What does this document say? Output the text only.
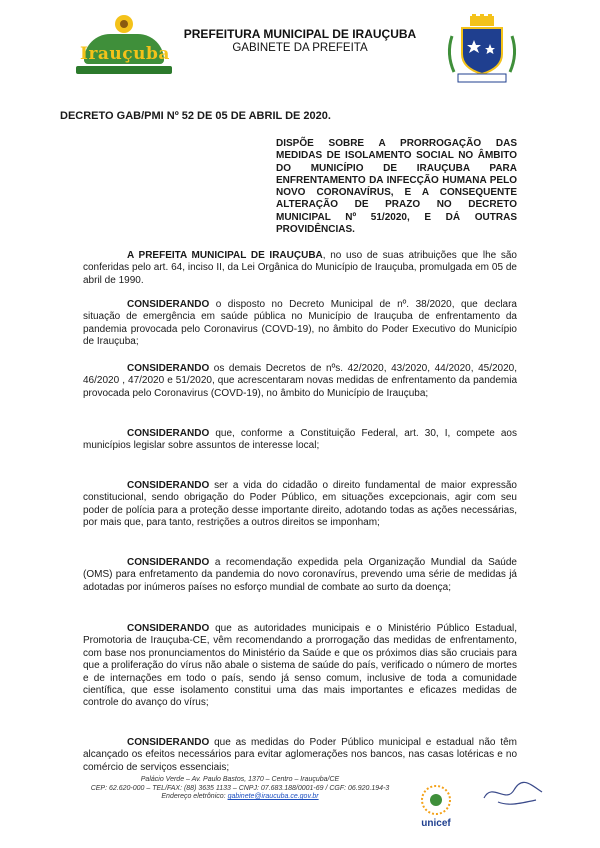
Irauçuba
PREFEITURA MUNICIPAL DE IRAUÇUBA
GABINETE DA PREFEITA
DECRETO GAB/PMI Nº 52 DE 05 DE ABRIL DE 2020.
DISPÕE SOBRE A PRORROGAÇÃO DAS MEDIDAS DE ISOLAMENTO SOCIAL NO ÂMBITO DO MUNICÍPIO DE IRAUÇUBA PARA ENFRENTAMENTO DA INFECÇÃO HUMANA PELO NOVO CORONAVÍRUS, E A CONSEQUENTE ALTERAÇÃO DE PRAZO NO DECRETO MUNICIPAL Nº 51/2020, E DÁ OUTRAS PROVIDÊNCIAS.
A PREFEITA MUNICIPAL DE IRAUÇUBA, no uso de suas atribuições que lhe são conferidas pelo art. 64, inciso II, da Lei Orgânica do Município de Irauçuba, promulgada em 05 de abril de 1990.
CONSIDERANDO o disposto no Decreto Municipal de nº. 38/2020, que declara situação de emergência em saúde pública no Município de Irauçuba de enfrentamento da pandemia provocada pelo Coronavirus (COVD-19), no âmbito do Poder Executivo do Município de Irauçuba;
CONSIDERANDO os demais Decretos de nºs. 42/2020, 43/2020, 44/2020, 45/2020, 46/2020 , 47/2020 e 51/2020, que acrescentaram novas medidas de enfrentamento da pandemia provocada pelo Coronavirus (COVD-19), no âmbito do Município de Irauçuba;
CONSIDERANDO que, conforme a Constituição Federal, art. 30, I, compete aos municípios legislar sobre assuntos de interesse local;
CONSIDERANDO ser a vida do cidadão o direito fundamental de maior expressão constitucional, sendo obrigação do Poder Público, em situações excepcionais, agir com seu poder de polícia para a proteção desse importante direito, adotando todas as ações necessárias, por mais que, para tanto, restrições a outros direitos se imponham;
CONSIDERANDO a recomendação expedida pela Organização Mundial da Saúde (OMS) para enfretamento da pandemia do novo coronavírus, prevendo uma série de medidas já adotadas por inúmeros países no esforço mundial de combate ao surto da doença;
CONSIDERANDO que as autoridades municipais e o Ministério Público Estadual, Promotoria de Irauçuba-CE, vêm recomendando a prorrogação das medidas de enfrentamento, com base nos pronunciamentos do Ministério da Saúde e que os próximos dias são cruciais para que a proliferação do vírus não abale o sistema de saúde do país, verificado o número de mortes e de internações em todo o país, sendo já senso comum, inclusive de toda a comunidade científica, que esse isolamento constitui uma das mais importantes e eficazes medidas de controle do avanço do vírus;
CONSIDERANDO que as medidas do Poder Público municipal e estadual não têm alcançado os efeitos necessários para evitar aglomerações nos bancos, nas casas lotéricas e no comércio de serviços essenciais;
Palácio Verde – Av. Paulo Bastos, 1370 – Centro – Irauçuba/CE
CEP: 62.620-000 – TEL/FAX: (88) 3635 1133 – CNPJ: 07.683.188/0001-69 / CGF: 06.920.194-3
Endereço eletrônico: gabinete@iraucuba.ce.gov.br
unicef
